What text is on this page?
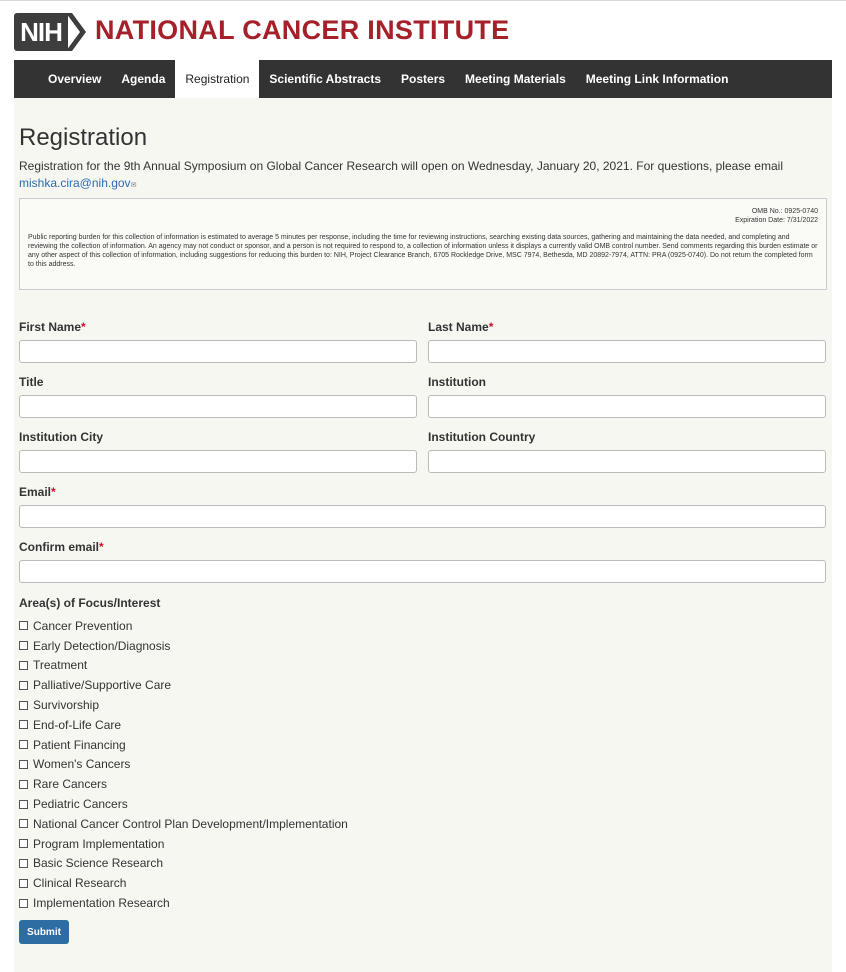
NIH NATIONAL CANCER INSTITUTE
Overview	Agenda	Registration	Scientific Abstracts	Posters	Meeting Materials	Meeting Link Information
Registration
Registration for the 9th Annual Symposium on Global Cancer Research will open on Wednesday, January 20, 2021. For questions, please email
mishka.cira@nih.gov✉
OMB No.: 0925-0740
Expiration Date: 7/31/2022
Public reporting burden for this collection of information is estimated to average 5 minutes per response, including the time for reviewing instructions, searching existing data sources, gathering and maintaining the data needed, and completing and reviewing the collection of information. An agency may not conduct or sponsor, and a person is not required to respond to, a collection of information unless it displays a currently valid OMB control number. Send comments regarding this burden estimate or any other aspect of this collection of information, including suggestions for reducing this burden to: NIH, Project Clearance Branch, 6705 Rockledge Drive, MSC 7974, Bethesda, MD 20892-7974, ATTN: PRA (0925-0740). Do not return the completed form to this address.
First Name*	Last Name*
Title	Institution
Institution City	Institution Country
Email*
Confirm email*
Area(s) of Focus/Interest
Cancer Prevention
Early Detection/Diagnosis
Treatment
Palliative/Supportive Care
Survivorship
End-of-Life Care
Patient Financing
Women's Cancers
Rare Cancers
Pediatric Cancers
National Cancer Control Plan Development/Implementation
Program Implementation
Basic Science Research
Clinical Research
Implementation Research
Submit
